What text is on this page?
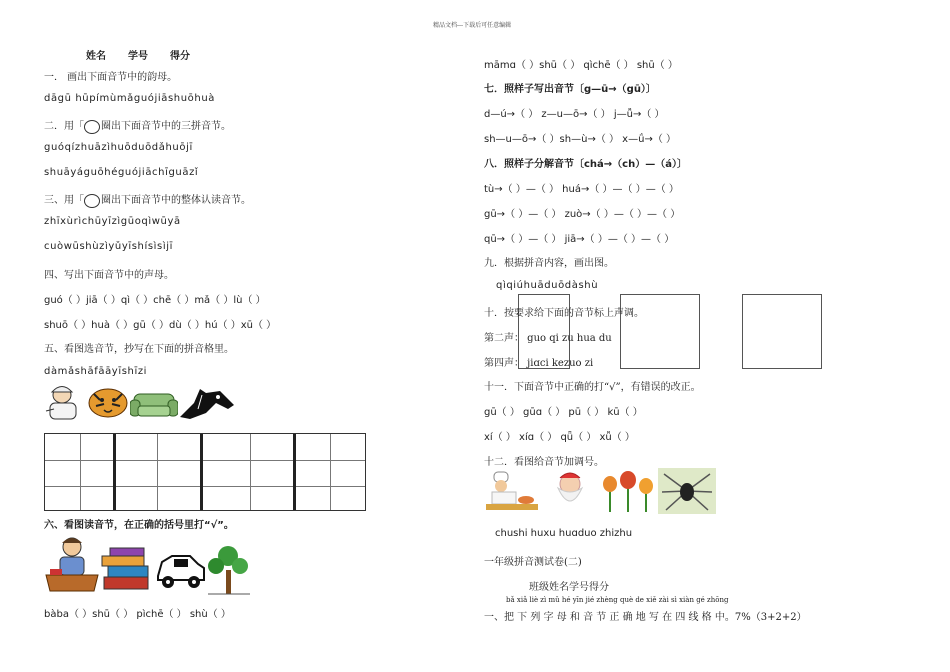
精品文档---下载后可任意编辑
姓名 学号 得分
一． 画出下面音节中的韵母。
dāgū hūpímùmǎguójiāshuōhuà
二．用「 圈出下面音节中的三拼音节。
guóqízhuāzìhuōduōdǎhuōjī
shuāyáguōhéguójiāchīguāzǐ
三、用「 圈出下面音节中的整体认读音节。
zhīxùrìchūyīzìgūoqìwūyā
cuòwūshùzìyǔyīshísìsìjī
四、写出下面音节中的声母。
guó（ ）jiā（ ）qì（ ）chē（ ）mǎ（ ）lù（ ）
shuō（ ）huà（ ）gū（ ）dù（ ）hú（ ）xū（ ）
五、看图选音节，抄写在下面的拼音格里。
dàmǎshāfāāyīshīzi
六、看图读音节，在正确的括号里打“√”。
bàba（ ）shū（ ） pìchē（ ） shù（ ）
māmɑ（ ）shū（ ） qìchē（ ） shū（ ）
七．照样子写出音节〔g—ū→（gū）〕
d—ú→（ ） z—u—ō→（ ） j—ǚ→（ ）
sh—u—ō→（ ）sh—ù→（ ） x—ǘ→（ ）
八．照样子分解音节〔chá→（ch）—（á）〕
tù→（ ）—（ ） huá→（ ）—（ ）—（ ）
gū→（ ）—（ ） zuò→（ ）—（ ）—（ ）
qū→（ ）—（ ） jiā→（ ）—（ ）—（ ）
九．根据拼音内容，画出图。
qìqiúhuāduōdàshù
十．按要求给下面的音节标上声调。
第二声： guo qi zu hua du
第四声： jiɑci kezuo zi
十一．下面音节中正确的打“√”，有错误的改正。
gū（ ） gūɑ（ ） pū（ ） kū（ ）
xí（ ） xíɑ（ ） qǖ（ ） xǚ（ ）
十二．看图给音节加调号。
chushi huxu huɑduo zhizhu
一年级拼音测试卷(二)
班级姓名学号得分
bǎ xiǎ liè zì mǔ hé yīn jié zhèng què de xiě zài sì xiàn gé zhōng
一、把 下 列 字 母 和 音 节 正 确 地 写 在 四 线 格 中。7%（3+2+2）
